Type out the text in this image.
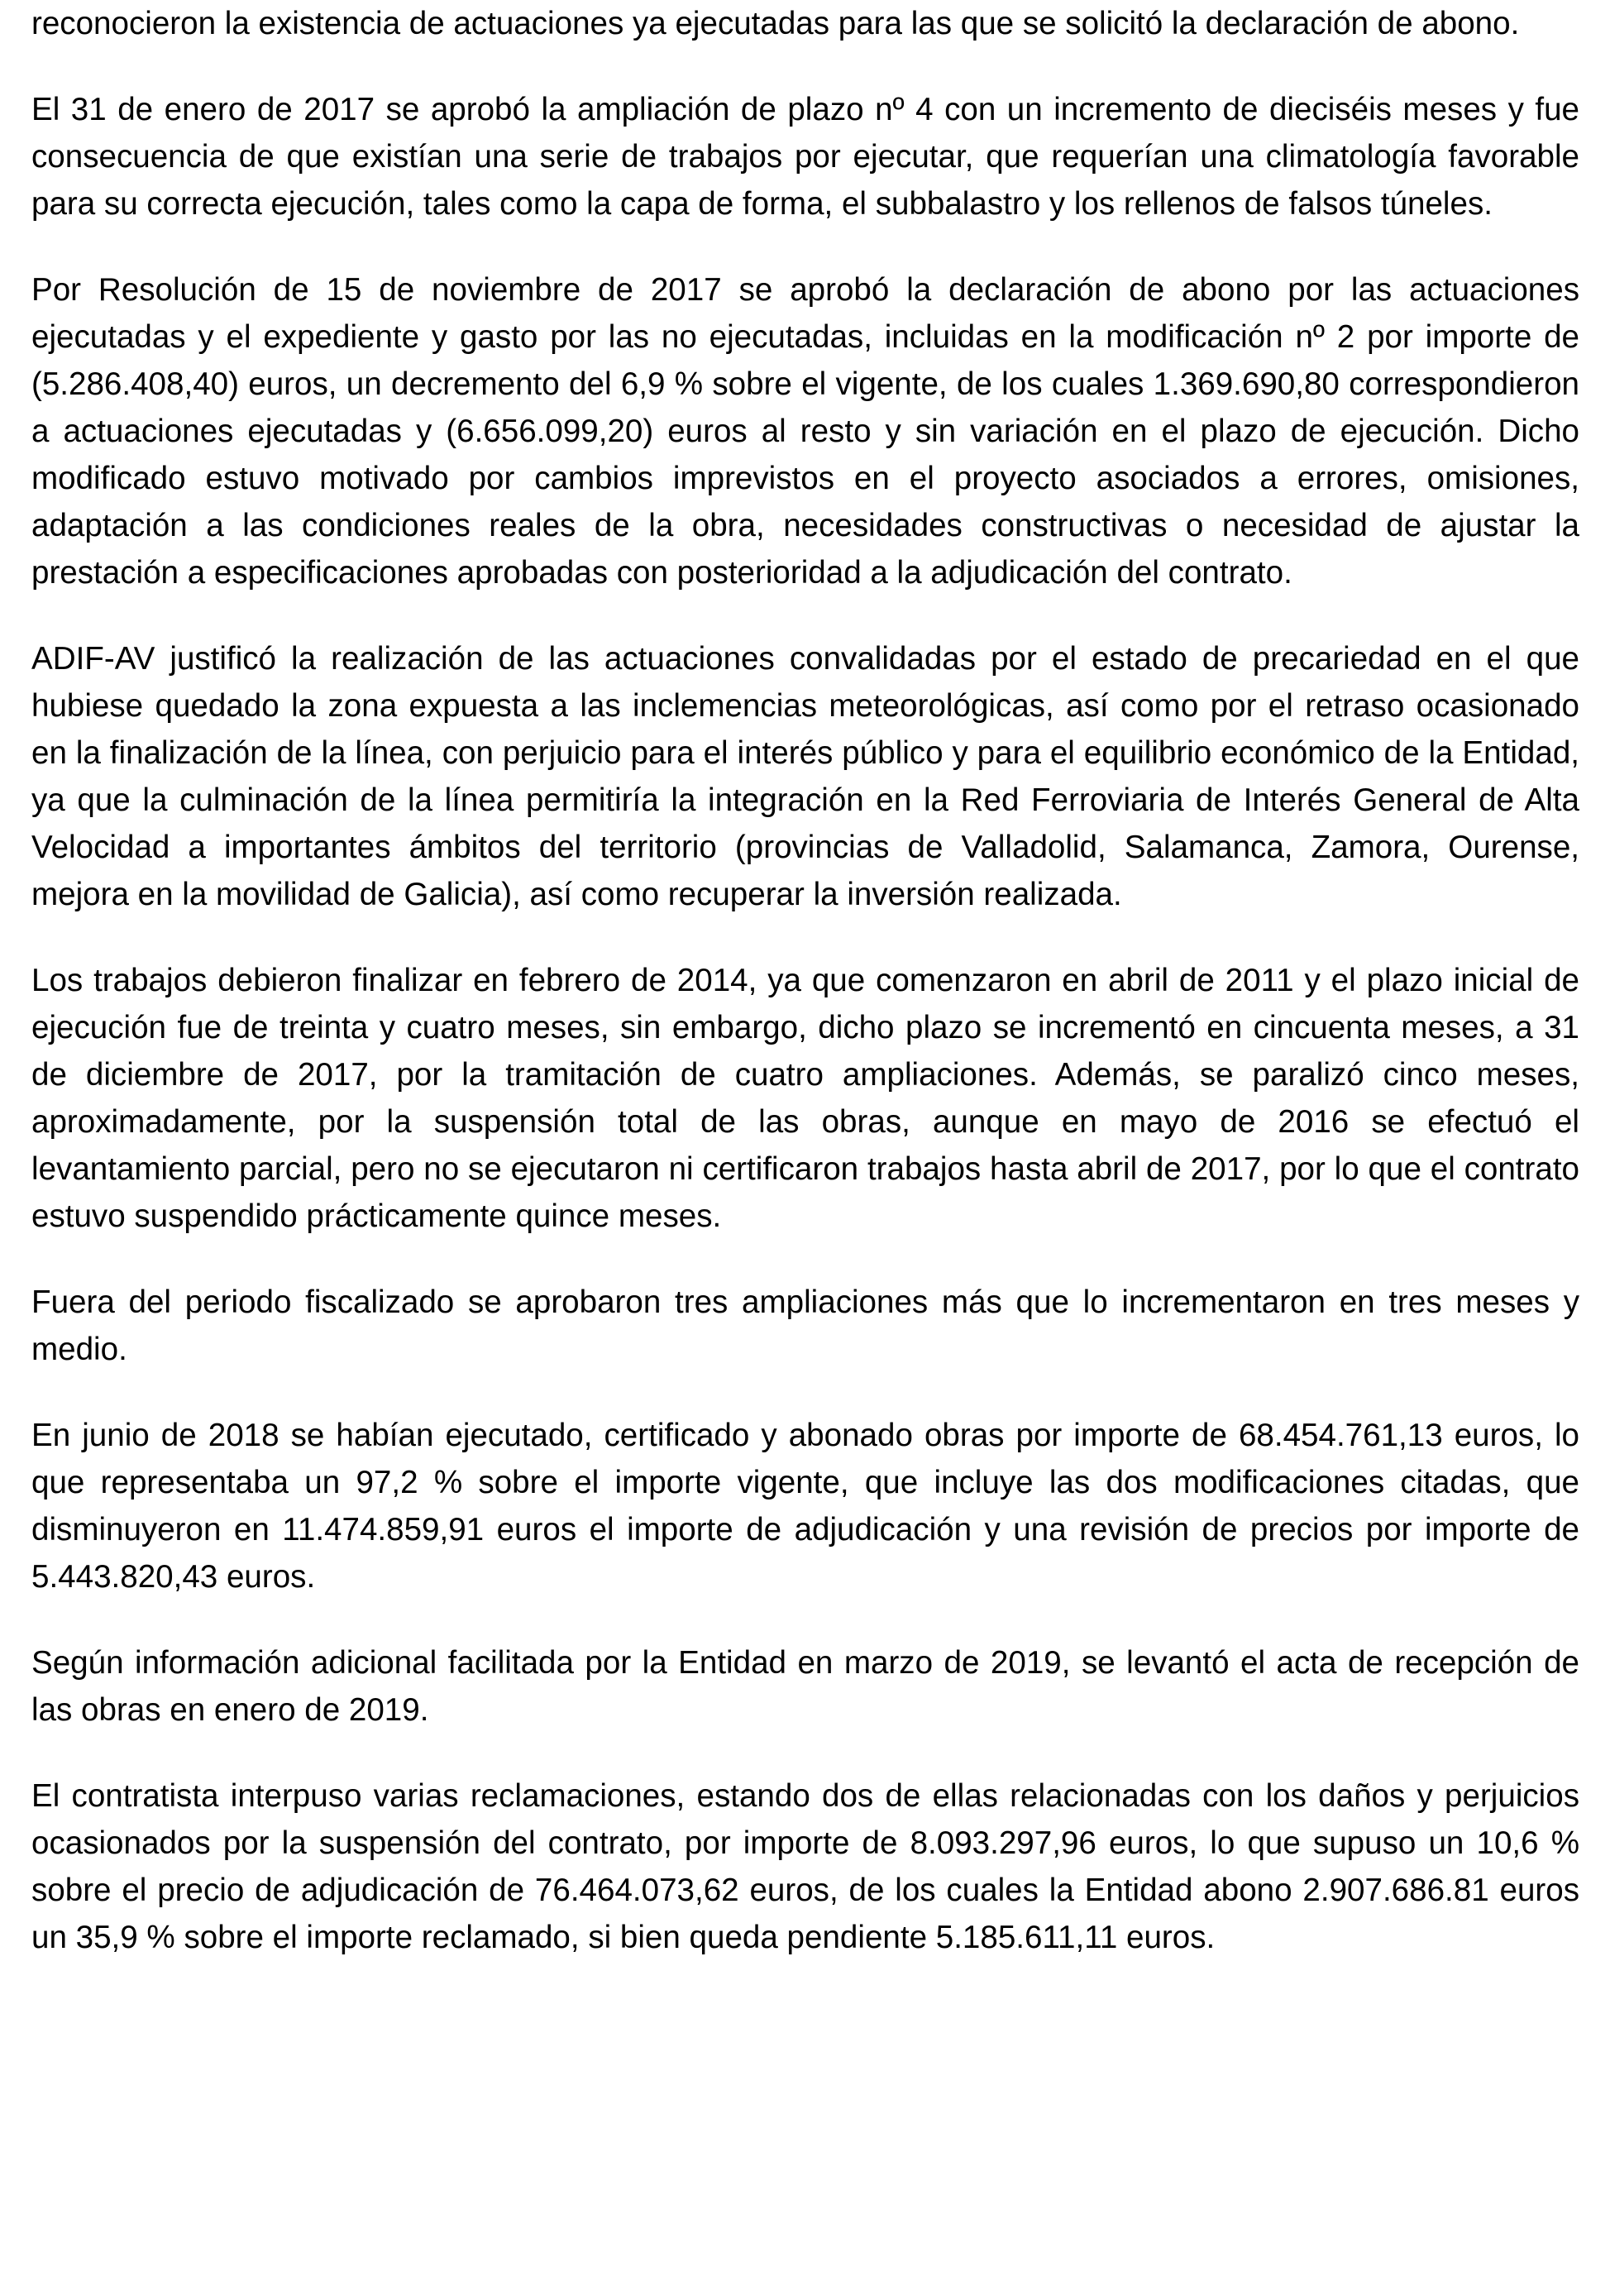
reconocieron la existencia de actuaciones ya ejecutadas para las que se solicitó la declaración de abono.

El 31 de enero de 2017 se aprobó la ampliación de plazo nº 4 con un incremento de dieciséis meses y fue consecuencia de que existían una serie de trabajos por ejecutar, que requerían una climatología favorable para su correcta ejecución, tales como la capa de forma, el subbalastro y los rellenos de falsos túneles.

Por Resolución de 15 de noviembre de 2017 se aprobó la declaración de abono por las actuaciones ejecutadas y el expediente y gasto por las no ejecutadas, incluidas en la modificación nº 2 por importe de (5.286.408,40) euros, un decremento del 6,9 % sobre el vigente, de los cuales 1.369.690,80 correspondieron a actuaciones ejecutadas y (6.656.099,20) euros al resto y sin variación en el plazo de ejecución. Dicho modificado estuvo motivado por cambios imprevistos en el proyecto asociados a errores, omisiones, adaptación a las condiciones reales de la obra, necesidades constructivas o necesidad de ajustar la prestación a especificaciones aprobadas con posterioridad a la adjudicación del contrato.

ADIF-AV justificó la realización de las actuaciones convalidadas por el estado de precariedad en el que hubiese quedado la zona expuesta a las inclemencias meteorológicas, así como por el retraso ocasionado en la finalización de la línea, con perjuicio para el interés público y para el equilibrio económico de la Entidad, ya que la culminación de la línea permitiría la integración en la Red Ferroviaria de Interés General de Alta Velocidad a importantes ámbitos del territorio (provincias de Valladolid, Salamanca, Zamora, Ourense, mejora en la movilidad de Galicia), así como recuperar la inversión realizada.

Los trabajos debieron finalizar en febrero de 2014, ya que comenzaron en abril de 2011 y el plazo inicial de ejecución fue de treinta y cuatro meses, sin embargo, dicho plazo se incrementó en cincuenta meses, a 31 de diciembre de 2017, por la tramitación de cuatro ampliaciones. Además, se paralizó cinco meses, aproximadamente, por la suspensión total de las obras, aunque en mayo de 2016 se efectuó el levantamiento parcial, pero no se ejecutaron ni certificaron trabajos hasta abril de 2017, por lo que el contrato estuvo suspendido prácticamente quince meses.

Fuera del periodo fiscalizado se aprobaron tres ampliaciones más que lo incrementaron en tres meses y medio.

En junio de 2018 se habían ejecutado, certificado y abonado obras por importe de 68.454.761,13 euros, lo que representaba un 97,2 % sobre el importe vigente, que incluye las dos modificaciones citadas, que disminuyeron en 11.474.859,91 euros el importe de adjudicación y una revisión de precios por importe de 5.443.820,43 euros.

Según información adicional facilitada por la Entidad en marzo de 2019, se levantó el acta de recepción de las obras en enero de 2019.

El contratista interpuso varias reclamaciones, estando dos de ellas relacionadas con los daños y perjuicios ocasionados por la suspensión del contrato, por importe de 8.093.297,96 euros, lo que supuso un 10,6 % sobre el precio de adjudicación de 76.464.073,62 euros, de los cuales la Entidad abono 2.907.686.81 euros un 35,9 % sobre el importe reclamado, si bien queda pendiente 5.185.611,11 euros.
